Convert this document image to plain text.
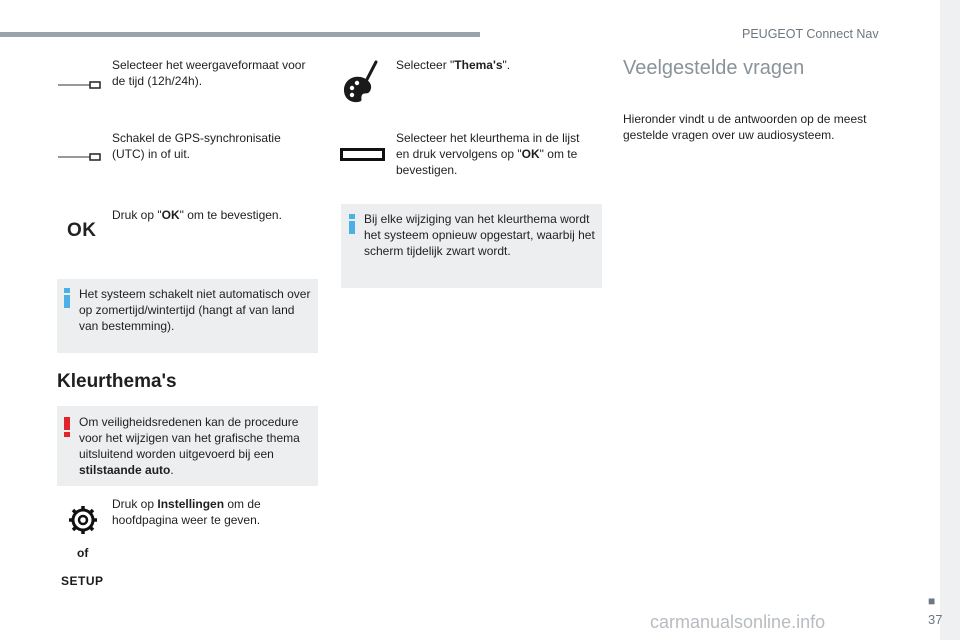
PEUGEOT Connect Nav
Selecteer het weergaveformaat voor de tijd (12h/24h).
Schakel de GPS-synchronisatie (UTC) in of uit.
OK
Druk op "OK" om te bevestigen.
Het systeem schakelt niet automatisch over op zomertijd/wintertijd (hangt af van land van bestemming).
Kleurthema's
Om veiligheidsredenen kan de procedure voor het wijzigen van het grafische thema uitsluitend worden uitgevoerd bij een stilstaande auto.
Druk op Instellingen om de hoofdpagina weer te geven.
of
SETUP
Selecteer "Thema's".
Selecteer het kleurthema in de lijst en druk vervolgens op "OK" om te bevestigen.
Bij elke wijziging van het kleurthema wordt het systeem opnieuw opgestart, waarbij het scherm tijdelijk zwart wordt.
Veelgestelde vragen
Hieronder vindt u de antwoorden op de meest gestelde vragen over uw audiosysteem.
carmanualsonline.info
■
37
